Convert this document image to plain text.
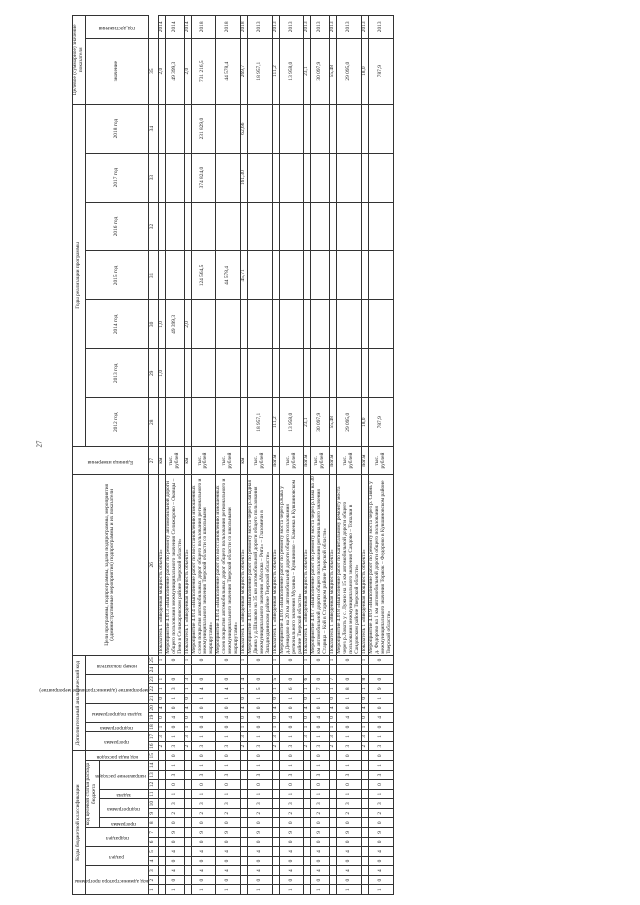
27
Коды бюджетной классификации															Дополнительный аналитический код										Цели программы, подпрограммы, задачи подпрограммы, мероприятия (административные мероприятия) подпрограммы и их показатели	Единица измерения	Годы реализации программы							Целевое (суммарное) значение показателя	

код администратора программы			раздел		подраздел		код целевой статьи расхода бюджета							код вида расходов	программа		подпрограмма	задача подпрограммы		мероприятие (административное мероприятие)			номер показателя				2012 год	2013 год	2014 год	2015 год	2016 год	2017 год	2018 год	значение	год достижения

							программа	подпрограмма		задача	направление расходов																								

1	2	3	4	5	6	7	8	9	10	11	12	13	14	15	16	17	18	19	20	21	22	23	24	25	26	27	28	29	30	31	32	33	34	35	
															2	3	1	0	4	0	1	1		1	Показатель 1 «Введенная мощность объекта»	км		1,0	1,0					2,0	2014
1	0	4	0	4	0	9	0	2	3	1	0	3	1	0	3	1	0	4	0	1	3	0		0	Мероприятие 4.013 «Выполнение работ по ремонту автомобильной дороги общего пользования межмуниципального значения Селижарово – Оковцы – Пено в Селижаровском районе Тверской области»	тыс. рублей			49 399,3					49 399,3	2014
															2	3	1	0	4	0	1	3		1	Показатель 1 «Введенная мощность объекта»	км			2,0					2,0	2014
1	0	4	0	4	0	9	0	2	3	1	0	3	1	0	3	1	0	4	0	1	4	0		0	Мероприятие 4.014 «Выполнение работ по восстановлению изношенных слоев покрытия автомобильных дорог общего пользования регионального и межмуниципального значения Тверской области со школьными маршрутами»	тыс. рублей				124 564,5		374 824,0	231 829,0	731 216,5	2018
1	0	4	0	4	0	9	0	2	3	1	0	3	1	0	3	1	0	4	0	1	4	0		0	Мероприятие 4.014 «Выполнение работ по восстановлению изношенных слоев покрытия автомобильных дорог общего пользования регионального и межмуниципального значения Тверской области со школьными маршрутами»	тыс. рублей				44 578,4				44 578,4	2018
															2	3	1	0	4	0	1	4		1	Показатель 1 «Введенная мощность объекта»	км				45,71		161,30	62,66	269,7	2018
1	0	4	0	4	0	9	0	2	3	1	0	3	1	0	3	1	0	4	0	1	5	0		0	Мероприятие 4.015 «Выполнение работ по ремонту моста через р.Западная Двина у д.Шпаково на 35 км автомобильной дороги общего пользования межмуниципального значения «Москва – Рига» – Глазомичи в Западнодвинском районе Тверской области»	тыс. рублей	18 957,1							18 957,1	2013
															2	3	1	0	4	0	1	5		1	Показатель 1 «Введенная мощность объекта»	пог.м	111,2							111,2	2013
1	0	4	0	4	0	9	0	2	3	1	0	3	1	0	3	1	0	4	0	1	6	0		0	Мероприятие 4.016 «Выполнение работ по ремонту моста через р.Кава у д.Демидово на 20 км автомобильной дороги общего пользования регионального значения Мухинка – Кувшиново – Каменка в Кувшиновском районе Тверской области»	тыс. рублей	13 958,0							13 958,0	2013
															2	3	1	0	4	0	1	6		1	Показатель 1 «Введенная мощность объекта»	пог.м	23,1							23,1	2013
1	0	4	0	4	0	9	0	2	3	1	0	3	1	0	3	1	0	4	0	1	7	0		0	Мероприятие 4.017 «Выполнение работ по ремонту моста через р.Тьма на 30 км автомобильной дороги общего пользования регионального значения Старица – Кой в Старицком районе Тверской области»	тыс. рублей	30 097,9							30 097,9	2013
															2	3	1	0	4	0	1	7		1	Показатель 1 «Введенная мощность объекта»	пог.м	55,48							55,48	2013
1	0	4	0	4	0	9	0	2	3	1	0	3	1	0	3	1	0	4	0	1	8	0		0	Мероприятие 4.018 «Выполнение работ по капитальному ремонту моста через р.Ловать у с. Лужно на 15 км автомобильной дороги общего пользования межмуниципального значения Сандово – Топалки в Сандовском районе Тверской области»	тыс. рублей	29 095,0							29 095,0	2013
															2	3	1	0	4	0	1	8		1	Показатель 1 «Введенная мощность объекта»	пог.м	18,0							18,0	2013
1	0	4	0	4	0	9	0	2	3	1	0	3	1	0	3	1	0	4	0	1	9	0		0	Мероприятие 4.019 «Выполнение работ по ремонту моста через р. Сиянь у д. Федорово на 1 км автомобильной дороги общего пользования межмуниципального значения Торжок – Федорово в Кувшиновском районе Тверской области»	тыс. рублей	787,9							787,9	2013
